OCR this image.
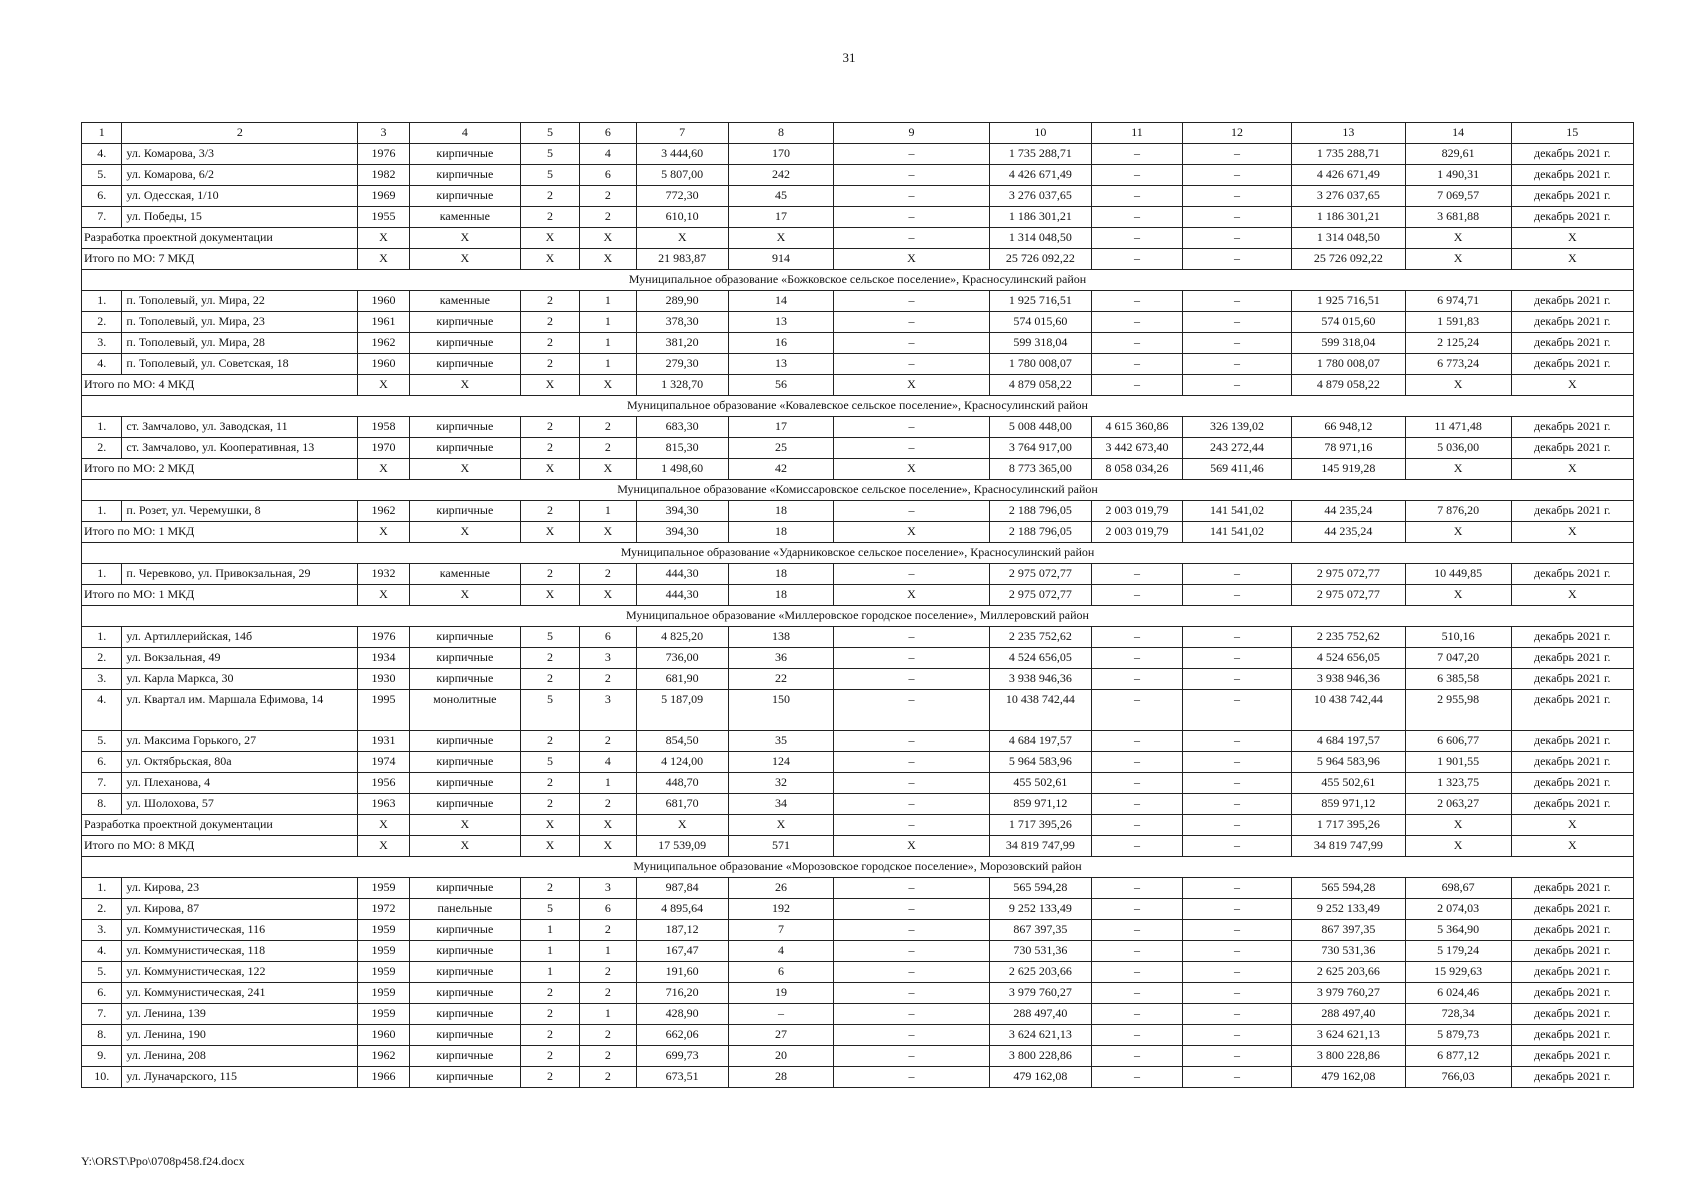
31
1	2	3	4	5	6	7	8	9	10	11	12	13	14	15
4.	ул. Комарова, 3/3	1976	кирпичные	5	4	3 444,60	170	–	1 735 288,71	–	–	1 735 288,71	829,61	декабрь 2021 г.
5.	ул. Комарова, 6/2	1982	кирпичные	5	6	5 807,00	242	–	4 426 671,49	–	–	4 426 671,49	1 490,31	декабрь 2021 г.
6.	ул. Одесская, 1/10	1969	кирпичные	2	2	772,30	45	–	3 276 037,65	–	–	3 276 037,65	7 069,57	декабрь 2021 г.
7.	ул. Победы, 15	1955	каменные	2	2	610,10	17	–	1 186 301,21	–	–	1 186 301,21	3 681,88	декабрь 2021 г.
Разработка проектной документации		X	X	X	X	X	X	–	1 314 048,50	–	–	1 314 048,50	X	X
Итого по МО: 7 МКД		X	X	X	X	21 983,87	914	X	25 726 092,22	–	–	25 726 092,22	X	X
Муниципальное образование «Божковское сельское поселение», Красносулинский район														
1.	п. Тополевый, ул. Мира, 22	1960	каменные	2	1	289,90	14	–	1 925 716,51	–	–	1 925 716,51	6 974,71	декабрь 2021 г.
2.	п. Тополевый, ул. Мира, 23	1961	кирпичные	2	1	378,30	13	–	574 015,60	–	–	574 015,60	1 591,83	декабрь 2021 г.
3.	п. Тополевый, ул. Мира, 28	1962	кирпичные	2	1	381,20	16	–	599 318,04	–	–	599 318,04	2 125,24	декабрь 2021 г.
4.	п. Тополевый, ул. Советская, 18	1960	кирпичные	2	1	279,30	13	–	1 780 008,07	–	–	1 780 008,07	6 773,24	декабрь 2021 г.
Итого по МО: 4 МКД		X	X	X	X	1 328,70	56	X	4 879 058,22	–	–	4 879 058,22	X	X
Муниципальное образование «Ковалевское сельское поселение», Красносулинский район														
1.	ст. Замчалово, ул. Заводская, 11	1958	кирпичные	2	2	683,30	17	–	5 008 448,00	4 615 360,86	326 139,02	66 948,12	11 471,48	декабрь 2021 г.
2.	ст. Замчалово, ул. Кооперативная, 13	1970	кирпичные	2	2	815,30	25	–	3 764 917,00	3 442 673,40	243 272,44	78 971,16	5 036,00	декабрь 2021 г.
Итого по МО: 2 МКД		X	X	X	X	1 498,60	42	X	8 773 365,00	8 058 034,26	569 411,46	145 919,28	X	X
Муниципальное образование «Комиссаровское сельское поселение», Красносулинский район														
1.	п. Розет, ул. Черемушки, 8	1962	кирпичные	2	1	394,30	18	–	2 188 796,05	2 003 019,79	141 541,02	44 235,24	7 876,20	декабрь 2021 г.
Итого по МО: 1 МКД		X	X	X	X	394,30	18	X	2 188 796,05	2 003 019,79	141 541,02	44 235,24	X	X
Муниципальное образование «Ударниковское сельское поселение», Красносулинский район														
1.	п. Черевково, ул. Привокзальная, 29	1932	каменные	2	2	444,30	18	–	2 975 072,77	–	–	2 975 072,77	10 449,85	декабрь 2021 г.
Итого по МО: 1 МКД		X	X	X	X	444,30	18	X	2 975 072,77	–	–	2 975 072,77	X	X
Муниципальное образование «Миллеровское городское поселение», Миллеровский район														
1.	ул. Артиллерийская, 14б	1976	кирпичные	5	6	4 825,20	138	–	2 235 752,62	–	–	2 235 752,62	510,16	декабрь 2021 г.
2.	ул. Вокзальная, 49	1934	кирпичные	2	3	736,00	36	–	4 524 656,05	–	–	4 524 656,05	7 047,20	декабрь 2021 г.
3.	ул. Карла Маркса, 30	1930	кирпичные	2	2	681,90	22	–	3 938 946,36	–	–	3 938 946,36	6 385,58	декабрь 2021 г.
4.	ул. Квартал им. Маршала Ефимова, 14	1995	монолитные	5	3	5 187,09	150	–	10 438 742,44	–	–	10 438 742,44	2 955,98	декабрь 2021 г.
5.	ул. Максима Горького, 27	1931	кирпичные	2	2	854,50	35	–	4 684 197,57	–	–	4 684 197,57	6 606,77	декабрь 2021 г.
6.	ул. Октябрьская, 80а	1974	кирпичные	5	4	4 124,00	124	–	5 964 583,96	–	–	5 964 583,96	1 901,55	декабрь 2021 г.
7.	ул. Плеханова, 4	1956	кирпичные	2	1	448,70	32	–	455 502,61	–	–	455 502,61	1 323,75	декабрь 2021 г.
8.	ул. Шолохова, 57	1963	кирпичные	2	2	681,70	34	–	859 971,12	–	–	859 971,12	2 063,27	декабрь 2021 г.
Разработка проектной документации		X	X	X	X	X	X	–	1 717 395,26	–	–	1 717 395,26	X	X
Итого по МО: 8 МКД		X	X	X	X	17 539,09	571	X	34 819 747,99	–	–	34 819 747,99	X	X
Муниципальное образование «Морозовское городское поселение», Морозовский район														
1.	ул. Кирова, 23	1959	кирпичные	2	3	987,84	26	–	565 594,28	–	–	565 594,28	698,67	декабрь 2021 г.
2.	ул. Кирова, 87	1972	панельные	5	6	4 895,64	192	–	9 252 133,49	–	–	9 252 133,49	2 074,03	декабрь 2021 г.
3.	ул. Коммунистическая, 116	1959	кирпичные	1	2	187,12	7	–	867 397,35	–	–	867 397,35	5 364,90	декабрь 2021 г.
4.	ул. Коммунистическая, 118	1959	кирпичные	1	1	167,47	4	–	730 531,36	–	–	730 531,36	5 179,24	декабрь 2021 г.
5.	ул. Коммунистическая, 122	1959	кирпичные	1	2	191,60	6	–	2 625 203,66	–	–	2 625 203,66	15 929,63	декабрь 2021 г.
6.	ул. Коммунистическая, 241	1959	кирпичные	2	2	716,20	19	–	3 979 760,27	–	–	3 979 760,27	6 024,46	декабрь 2021 г.
7.	ул. Ленина, 139	1959	кирпичные	2	1	428,90	–	–	288 497,40	–	–	288 497,40	728,34	декабрь 2021 г.
8.	ул. Ленина, 190	1960	кирпичные	2	2	662,06	27	–	3 624 621,13	–	–	3 624 621,13	5 879,73	декабрь 2021 г.
9.	ул. Ленина, 208	1962	кирпичные	2	2	699,73	20	–	3 800 228,86	–	–	3 800 228,86	6 877,12	декабрь 2021 г.
10.	ул. Луначарского, 115	1966	кирпичные	2	2	673,51	28	–	479 162,08	–	–	479 162,08	766,03	декабрь 2021 г.
Y:\ORST\Ppo\0708p458.f24.docx
